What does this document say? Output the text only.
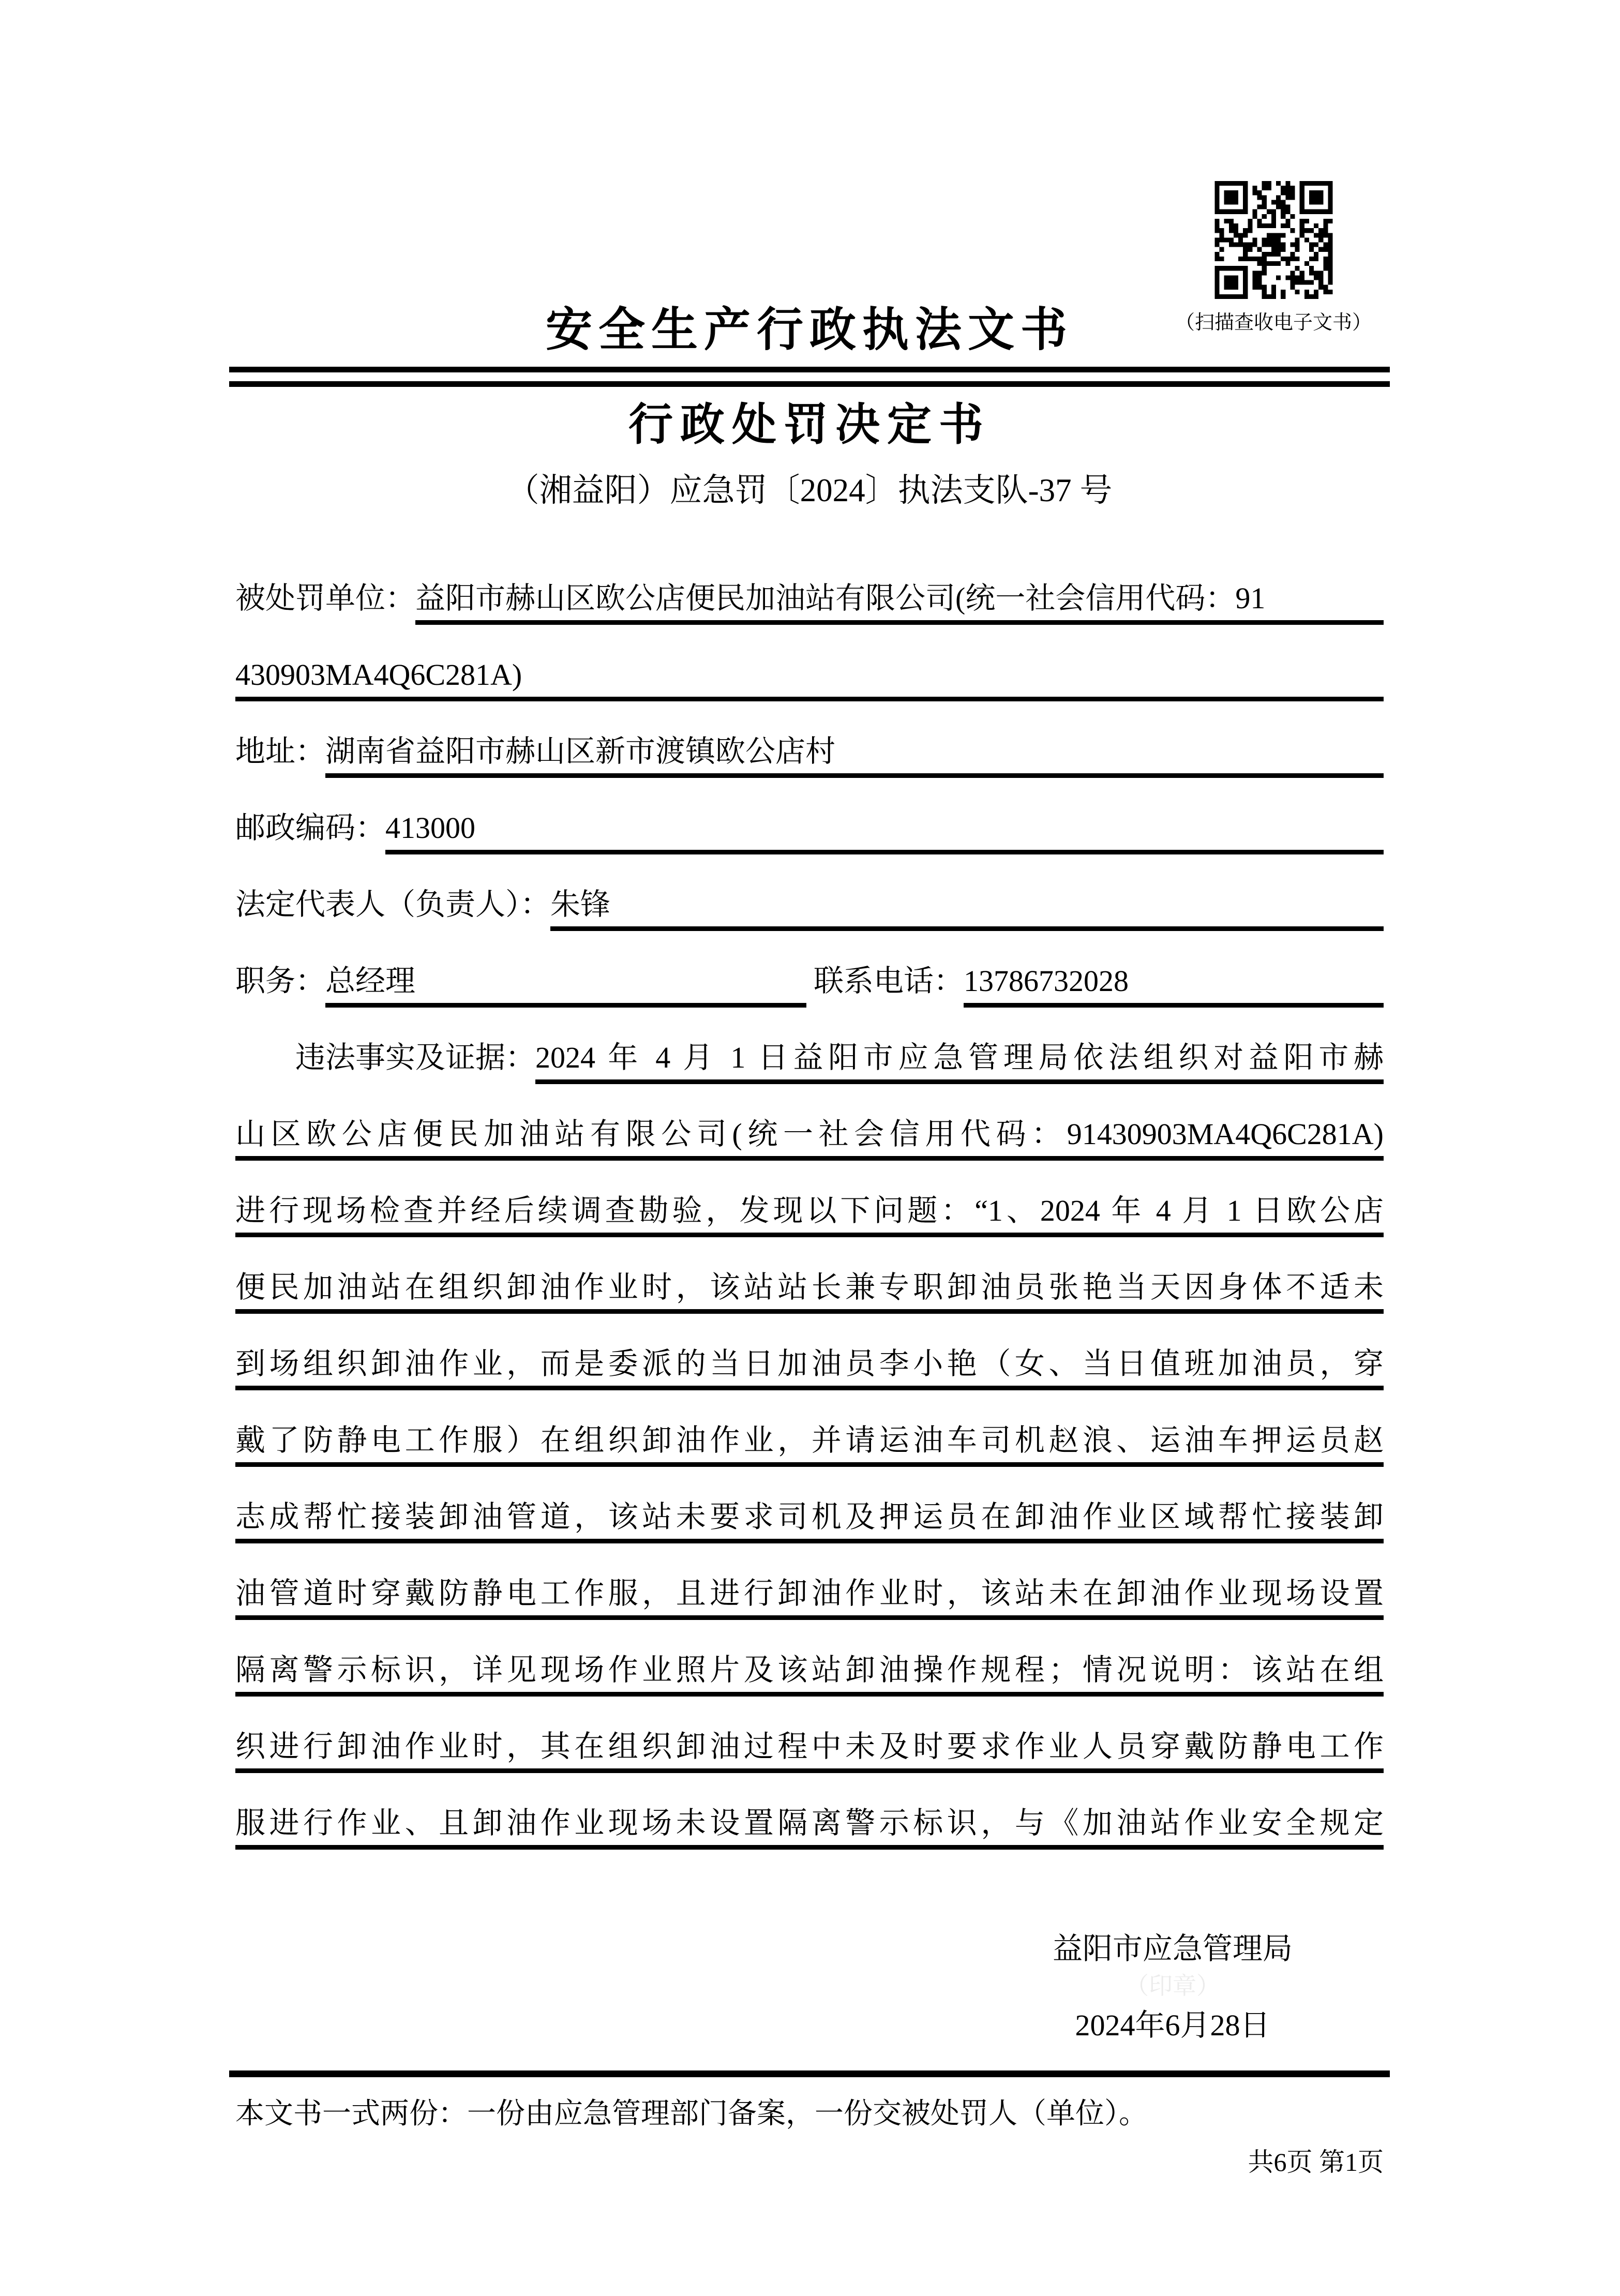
（扫描查收电子文书）
安全生产行政执法文书
行政处罚决定书
（湘益阳）应急罚〔2024〕执法支队-37 号
被处罚单位： 益阳市赫山区欧公店便民加油站有限公司(统一社会信用代码：91
430903MA4Q6C281A)
地址： 湖南省益阳市赫山区新市渡镇欧公店村
邮政编码： 413000
法定代表人（负责人）： 朱锋
职务： 总经理	联系电话： 13786732028
违法事实及证据： 2024 年 4 月 1 日益阳市应急管理局依法组织对益阳市赫
山区欧公店便民加油站有限公司(统一社会信用代码：91430903MA4Q6C281A)
进行现场检查并经后续调查勘验，发现以下问题：“1、2024 年 4 月 1 日欧公店
便民加油站在组织卸油作业时，该站站长兼专职卸油员张艳当天因身体不适未
到场组织卸油作业，而是委派的当日加油员李小艳（女、当日值班加油员，穿
戴了防静电工作服）在组织卸油作业，并请运油车司机赵浪、运油车押运员赵
志成帮忙接装卸油管道，该站未要求司机及押运员在卸油作业区域帮忙接装卸
油管道时穿戴防静电工作服，且进行卸油作业时，该站未在卸油作业现场设置
隔离警示标识，详见现场作业照片及该站卸油操作规程；情况说明：该站在组
织进行卸油作业时，其在组织卸油过程中未及时要求作业人员穿戴防静电工作
服进行作业、且卸油作业现场未设置隔离警示标识，与《加油站作业安全规定
益阳市应急管理局
（印章）
2024年6月28日
本文书一式两份：一份由应急管理部门备案，一份交被处罚人（单位）。
共6页 第1页
